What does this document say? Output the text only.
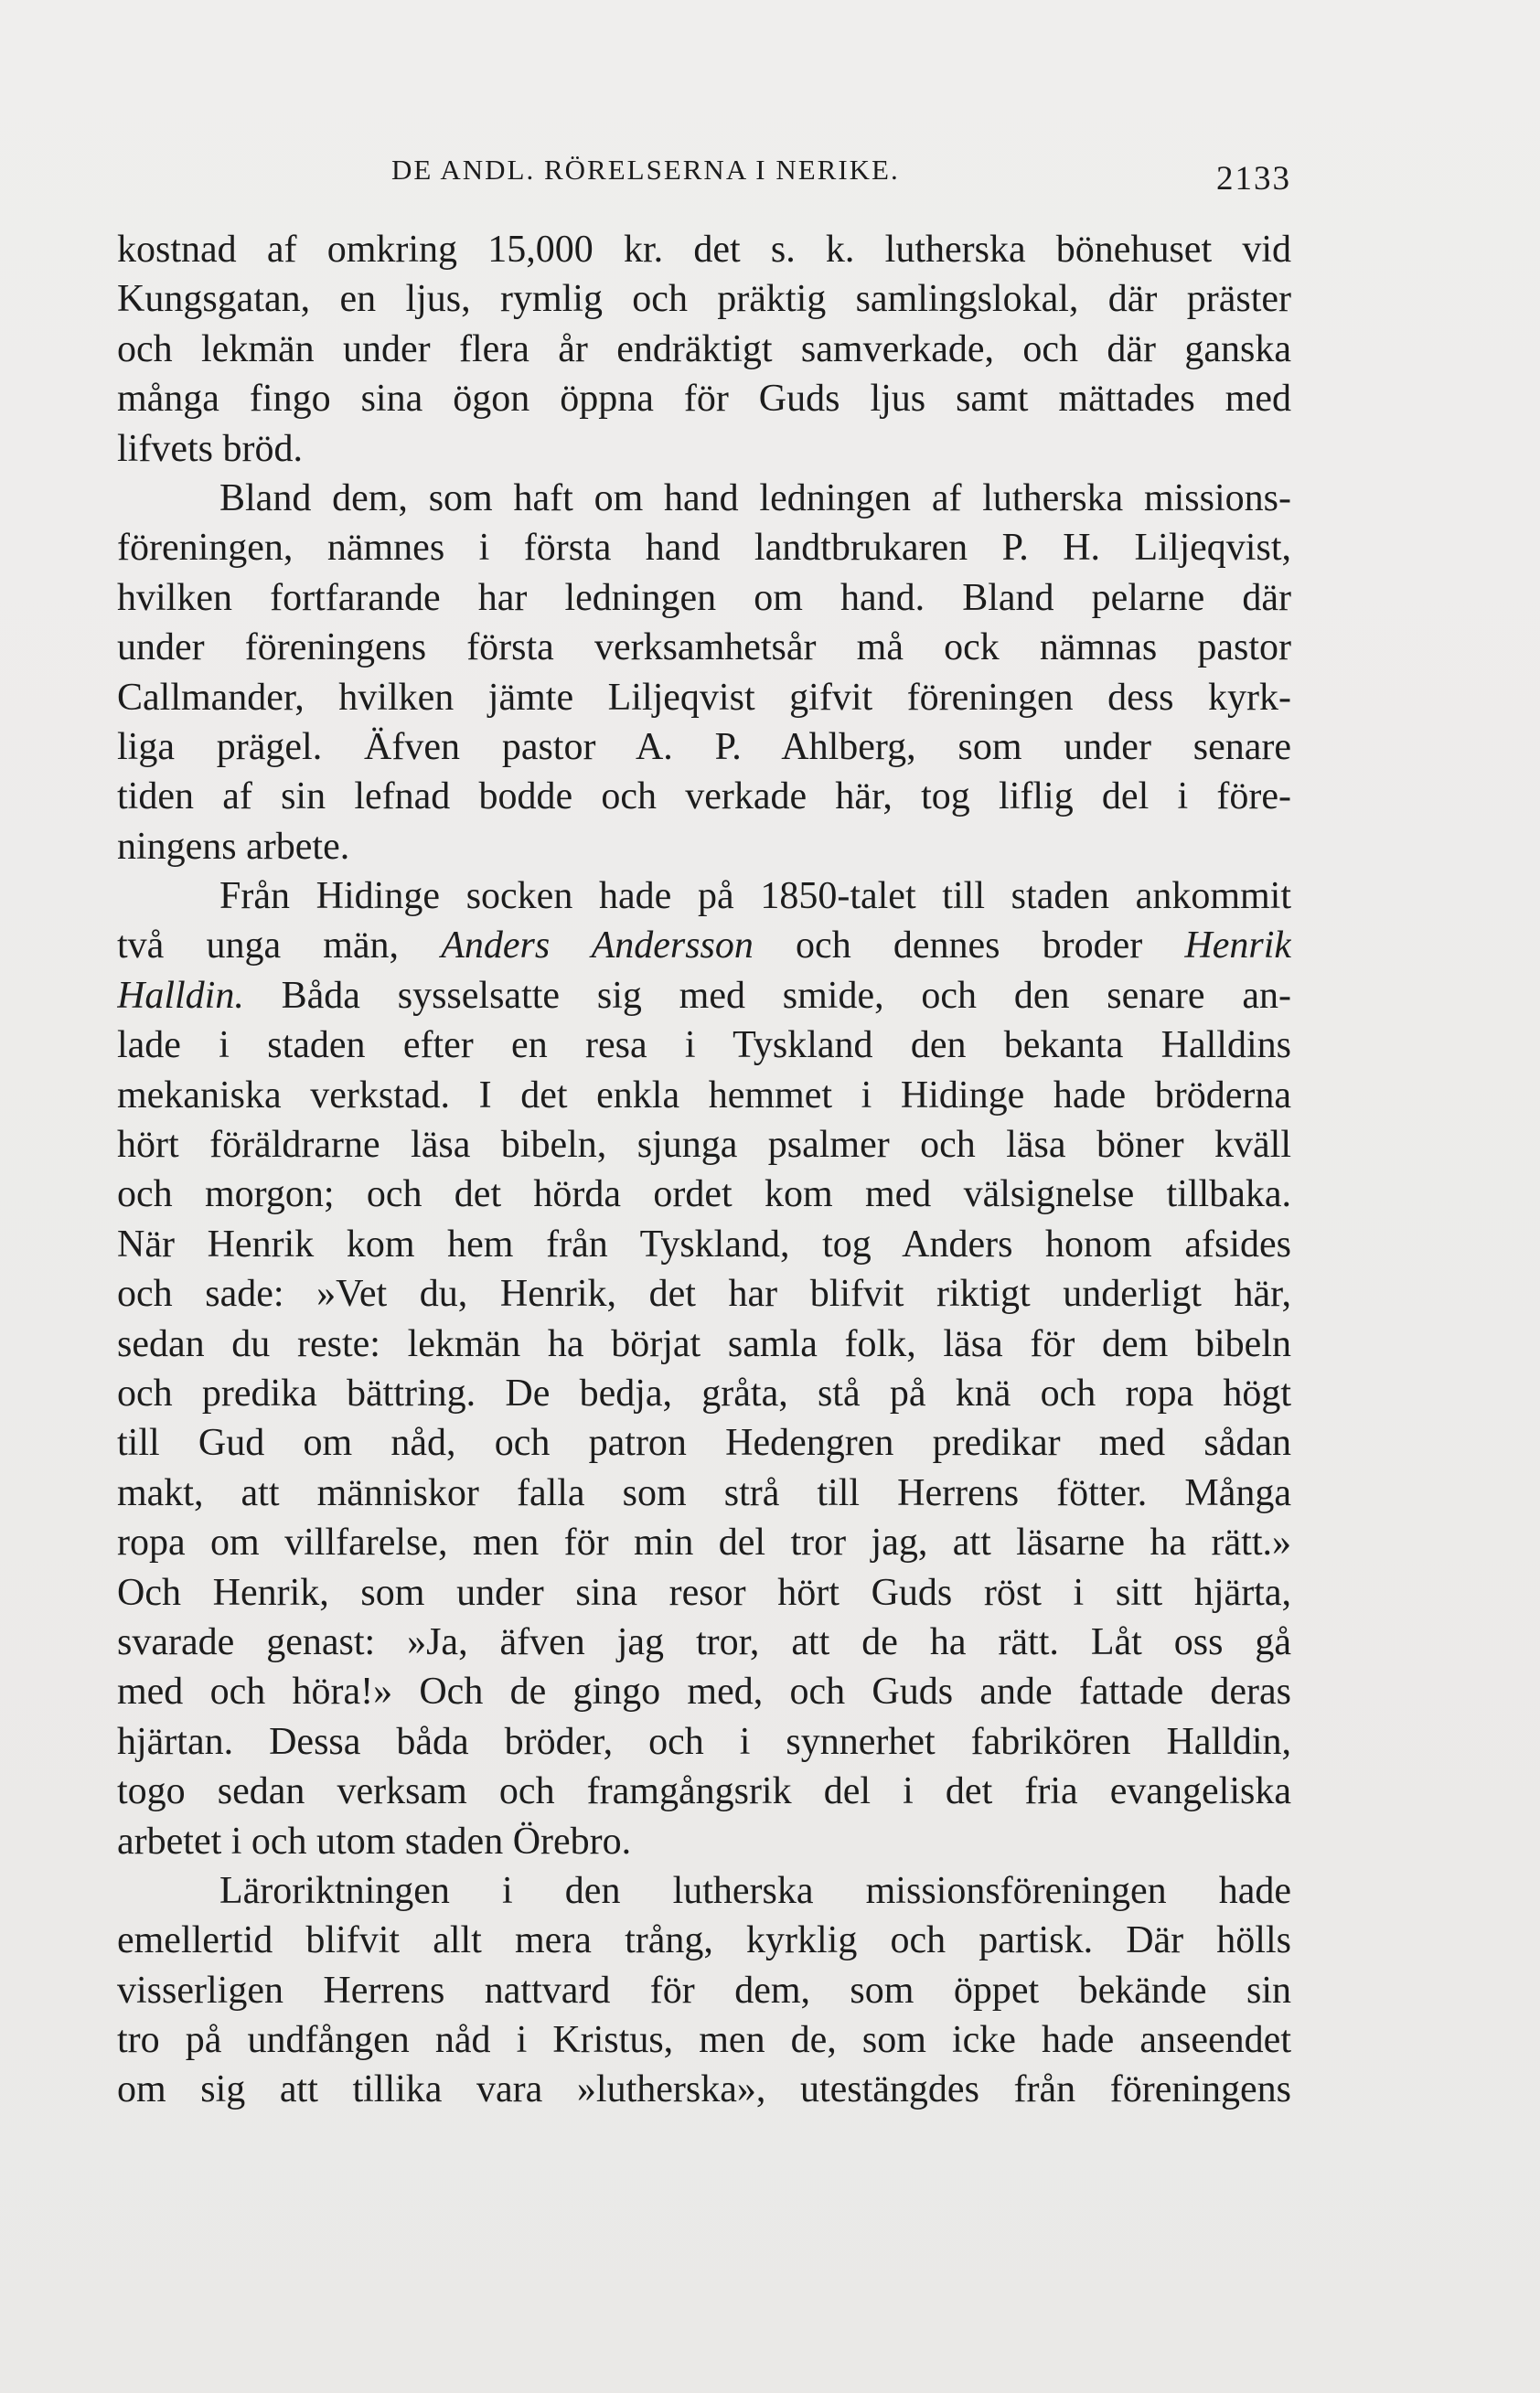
DE ANDL. RÖRELSERNA I NERIKE.	2133
kostnad af omkring 15,000 kr. det s. k. lutherska bönehuset vid
Kungsgatan, en ljus, rymlig och präktig samlingslokal, där präster
och lekmän under flera år endräktigt samverkade, och där ganska
många fingo sina ögon öppna för Guds ljus samt mättades med
lifvets bröd.
Bland dem, som haft om hand ledningen af lutherska missions-
föreningen, nämnes i första hand landtbrukaren P. H. Liljeqvist,
hvilken fortfarande har ledningen om hand. Bland pelarne där
under föreningens första verksamhetsår må ock nämnas pastor
Callmander, hvilken jämte Liljeqvist gifvit föreningen dess kyrk-
liga prägel. Äfven pastor A. P. Ahlberg, som under senare
tiden af sin lefnad bodde och verkade här, tog liflig del i före-
ningens arbete.
Från Hidinge socken hade på 1850-talet till staden ankommit
två unga män, Anders Andersson och dennes broder Henrik
Halldin. Båda sysselsatte sig med smide, och den senare an-
lade i staden efter en resa i Tyskland den bekanta Halldins
mekaniska verkstad. I det enkla hemmet i Hidinge hade bröderna
hört föräldrarne läsa bibeln, sjunga psalmer och läsa böner kväll
och morgon; och det hörda ordet kom med välsignelse tillbaka.
När Henrik kom hem från Tyskland, tog Anders honom afsides
och sade: »Vet du, Henrik, det har blifvit riktigt underligt här,
sedan du reste: lekmän ha börjat samla folk, läsa för dem bibeln
och predika bättring. De bedja, gråta, stå på knä och ropa högt
till Gud om nåd, och patron Hedengren predikar med sådan
makt, att människor falla som strå till Herrens fötter. Många
ropa om villfarelse, men för min del tror jag, att läsarne ha rätt.»
Och Henrik, som under sina resor hört Guds röst i sitt hjärta,
svarade genast: »Ja, äfven jag tror, att de ha rätt. Låt oss gå
med och höra!» Och de gingo med, och Guds ande fattade deras
hjärtan. Dessa båda bröder, och i synnerhet fabrikören Halldin,
togo sedan verksam och framgångsrik del i det fria evangeliska
arbetet i och utom staden Örebro.
Läroriktningen i den lutherska missionsföreningen hade
emellertid blifvit allt mera trång, kyrklig och partisk. Där hölls
visserligen Herrens nattvard för dem, som öppet bekände sin
tro på undfången nåd i Kristus, men de, som icke hade anseendet
om sig att tillika vara »lutherska», utestängdes från föreningens
